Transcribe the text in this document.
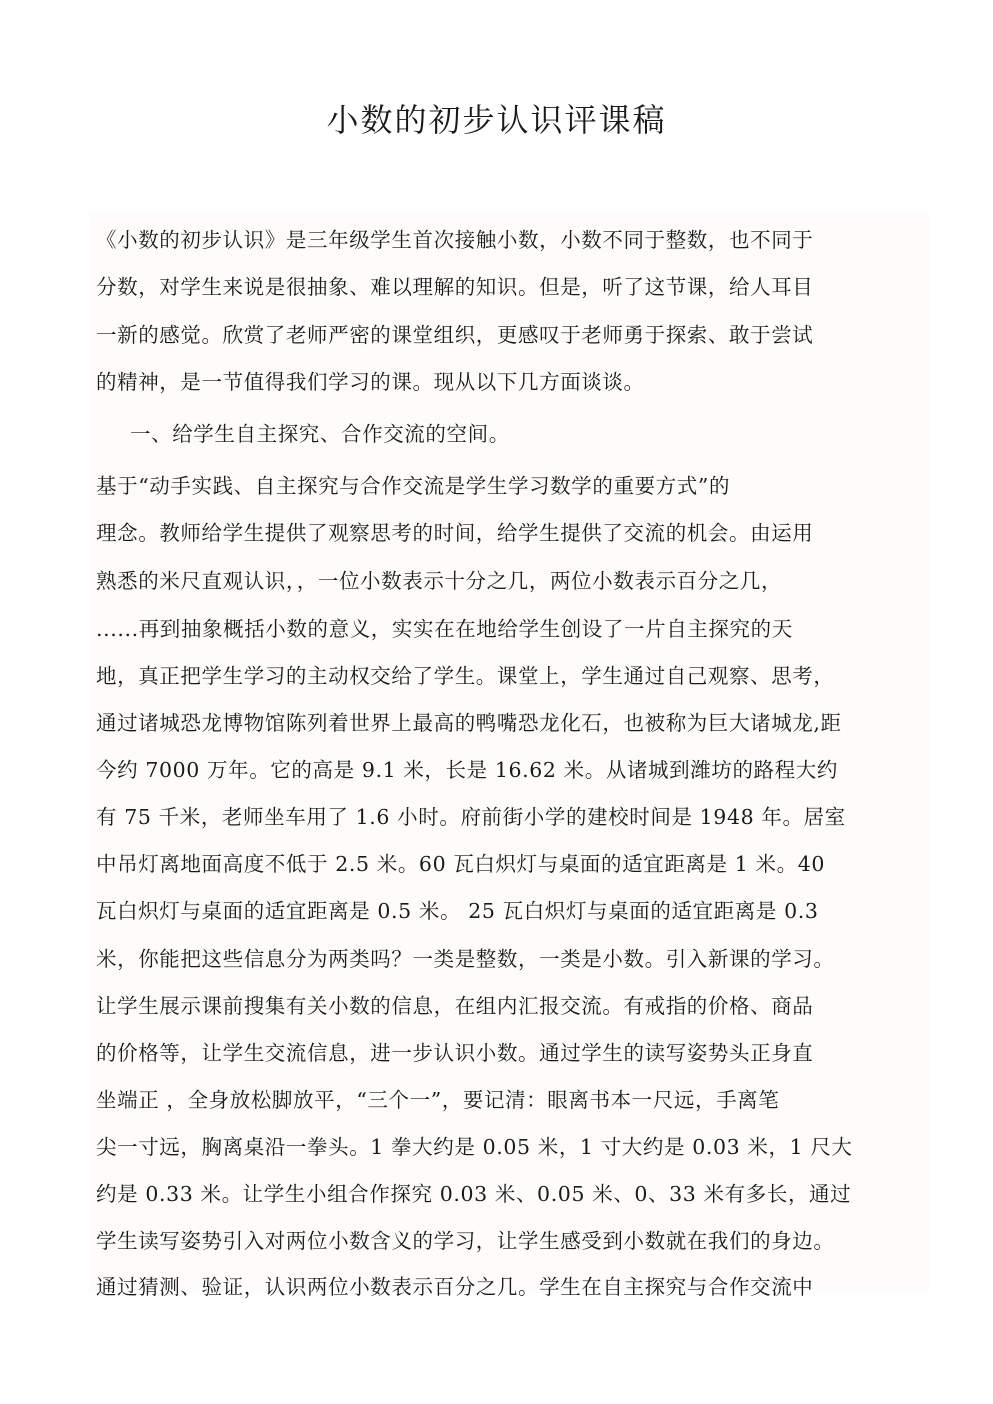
小数的初步认识评课稿
《小数的初步认识》是三年级学生首次接触小数，小数不同于整数，也不同于
分数，对学生来说是很抽象、难以理解的知识。但是，听了这节课，给人耳目
一新的感觉。欣赏了老师严密的课堂组织，更感叹于老师勇于探索、敢于尝试
的精神，是一节值得我们学习的课。现从以下几方面谈谈。
一、给学生自主探究、合作交流的空间。
基于“动手实践、自主探究与合作交流是学生学习数学的重要方式”的
理念。教师给学生提供了观察思考的时间，给学生提供了交流的机会。由运用
熟悉的米尺直观认识，，一位小数表示十分之几，两位小数表示百分之几，
......再到抽象概括小数的意义，实实在在地给学生创设了一片自主探究的天
地，真正把学生学习的主动权交给了学生。课堂上，学生通过自己观察、思考，
通过诸城恐龙博物馆陈列着世界上最高的鸭嘴恐龙化石，也被称为巨大诸城龙,距
今约 7000 万年。它的高是 9.1 米，长是 16.62 米。从诸城到潍坊的路程大约
有 75 千米，老师坐车用了 1.6 小时。府前街小学的建校时间是 1948 年。居室
中吊灯离地面高度不低于 2.5 米。60 瓦白炽灯与桌面的适宜距离是 1 米。40
瓦白炽灯与桌面的适宜距离是 0.5 米。 25 瓦白炽灯与桌面的适宜距离是 0.3
米，你能把这些信息分为两类吗？一类是整数，一类是小数。引入新课的学习。
让学生展示课前搜集有关小数的信息，在组内汇报交流。有戒指的价格、商品
的价格等，让学生交流信息，进一步认识小数。通过学生的读写姿势头正身直
坐端正 ，全身放松脚放平，“三个一”，要记清：眼离书本一尺远，手离笔
尖一寸远，胸离桌沿一拳头。1 拳大约是 0.05 米，1 寸大约是 0.03 米，1 尺大
约是 0.33 米。让学生小组合作探究 0.03 米、0.05 米、0、33 米有多长，通过
学生读写姿势引入对两位小数含义的学习，让学生感受到小数就在我们的身边。
通过猜测、验证，认识两位小数表示百分之几。学生在自主探究与合作交流中
